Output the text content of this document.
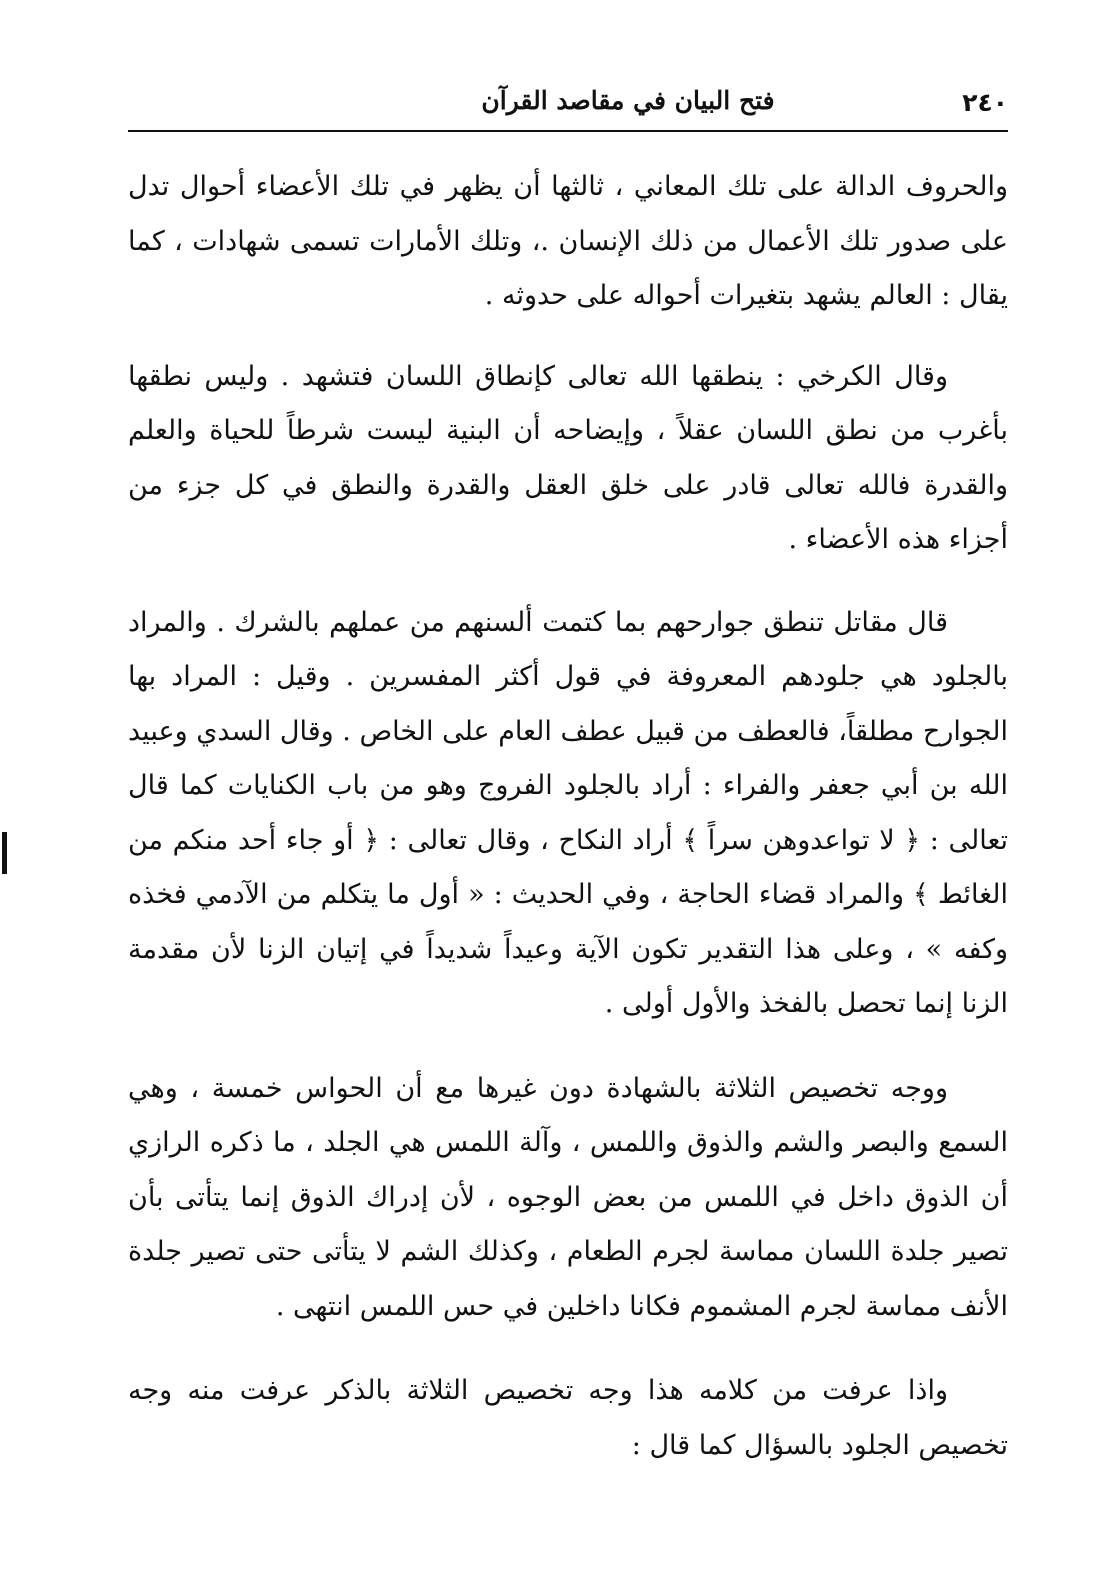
٢٤٠
فتح البيان في مقاصد القرآن

والحروف الدالة على تلك المعاني ، ثالثها أن يظهر في تلك الأعضاء أحوال تدل على صدور تلك الأعمال من ذلك الإنسان .، وتلك الأمارات تسمى شهادات ، كما يقال : العالم يشهد بتغيرات أحواله على حدوثه .

وقال الكرخي : ينطقها الله تعالى كإنطاق اللسان فتشهد . وليس نطقها بأغرب من نطق اللسان عقلاً ، وإيضاحه أن البنية ليست شرطاً للحياة والعلم والقدرة فالله تعالى قادر على خلق العقل والقدرة والنطق في كل جزء من أجزاء هذه الأعضاء .

قال مقاتل تنطق جوارحهم بما كتمت ألسنهم من عملهم بالشرك . والمراد بالجلود هي جلودهم المعروفة في قول أكثر المفسرين . وقيل : المراد بها الجوارح مطلقاً، فالعطف من قبيل عطف العام على الخاص . وقال السدي وعبيد الله بن أبي جعفر والفراء : أراد بالجلود الفروج وهو من باب الكنايات كما قال تعالى : ﴿ لا تواعدوهن سراً ﴾ أراد النكاح ، وقال تعالى : ﴿ أو جاء أحد منكم من الغائط ﴾ والمراد قضاء الحاجة ، وفي الحديث : « أول ما يتكلم من الآدمي فخذه وكفه » ، وعلى هذا التقدير تكون الآية وعيداً شديداً في إتيان الزنا لأن مقدمة الزنا إنما تحصل بالفخذ والأول أولى .

ووجه تخصيص الثلاثة بالشهادة دون غيرها مع أن الحواس خمسة ، وهي السمع والبصر والشم والذوق واللمس ، وآلة اللمس هي الجلد ، ما ذكره الرازي أن الذوق داخل في اللمس من بعض الوجوه ، لأن إدراك الذوق إنما يتأتى بأن تصير جلدة اللسان مماسة لجرم الطعام ، وكذلك الشم لا يتأتى حتى تصير جلدة الأنف مماسة لجرم المشموم فكانا داخلين في حس اللمس انتهى .

واذا عرفت من كلامه هذا وجه تخصيص الثلاثة بالذكر عرفت منه وجه تخصيص الجلود بالسؤال كما قال :
